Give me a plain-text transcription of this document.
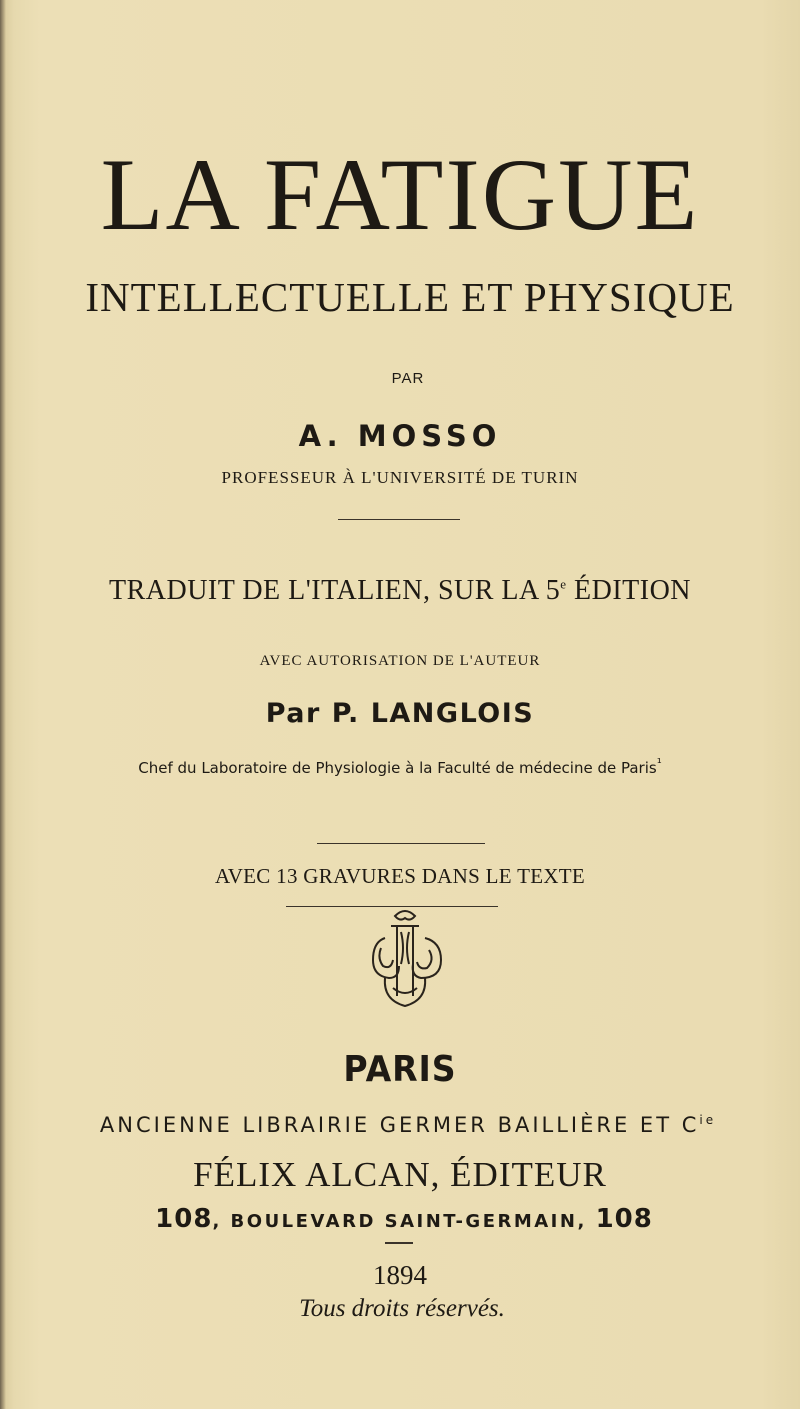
LA FATIGUE
INTELLECTUELLE ET PHYSIQUE
PAR
A. MOSSO
PROFESSEUR À L'UNIVERSITÉ DE TURIN
TRADUIT DE L'ITALIEN, SUR LA 5e ÉDITION
AVEC AUTORISATION DE L'AUTEUR
Par P. LANGLOIS
Chef du Laboratoire de Physiologie à la Faculté de médecine de Paris$^{^1}$
AVEC 13 GRAVURES DANS LE TEXTE
PARIS
ANCIENNE LIBRAIRIE GERMER BAILLIÈRE ET $C^{ie}$
FÉLIX ALCAN, ÉDITEUR
108, BOULEVARD SAINT-GERMAIN, 108
1894
Tous droits réservés.
